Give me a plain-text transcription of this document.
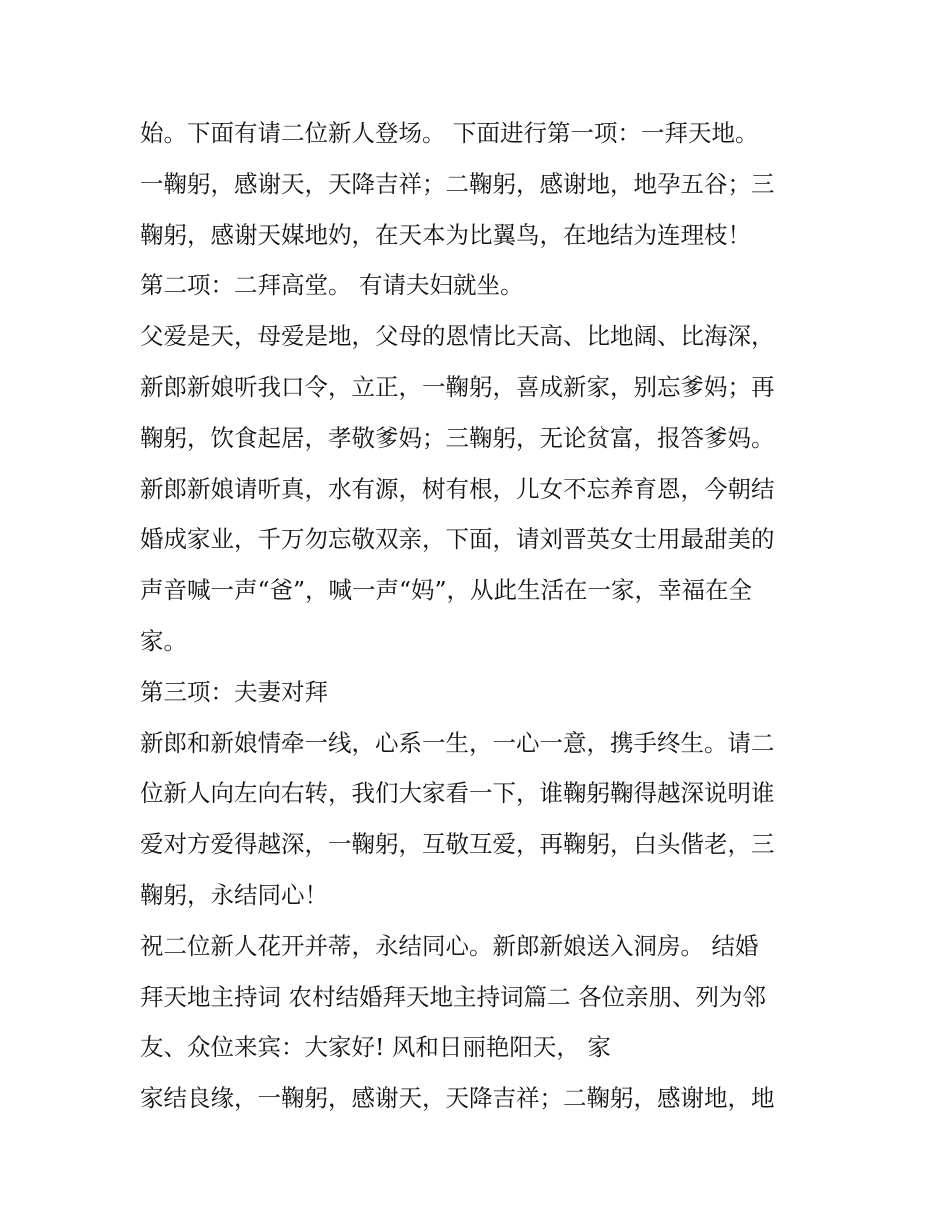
始。下面有请二位新人登场。 下面进行第一项：一拜天地。
一鞠躬，感谢天，天降吉祥；二鞠躬，感谢地，地孕五谷；三
鞠躬，感谢天媒地妁，在天本为比翼鸟，在地结为连理枝！
第二项：二拜高堂。 有请夫妇就坐。
父爱是天，母爱是地，父母的恩情比天高、比地阔、比海深，
新郎新娘听我口令，立正，一鞠躬，喜成新家，别忘爹妈；再
鞠躬，饮食起居，孝敬爹妈；三鞠躬，无论贫富，报答爹妈。
新郎新娘请听真，水有源，树有根，儿女不忘养育恩，今朝结
婚成家业，千万勿忘敬双亲，下面，请刘晋英女士用最甜美的
声音喊一声“爸”，喊一声“妈”，从此生活在一家，幸福在全
家。
第三项：夫妻对拜
新郎和新娘情牵一线，心系一生，一心一意，携手终生。请二
位新人向左向右转，我们大家看一下，谁鞠躬鞠得越深说明谁
爱对方爱得越深，一鞠躬，互敬互爱，再鞠躬，白头偕老，三
鞠躬，永结同心！
祝二位新人花开并蒂，永结同心。新郎新娘送入洞房。 结婚
拜天地主持词 农村结婚拜天地主持词篇二 各位亲朋、列为邻
友、众位来宾：大家好! 风和日丽艳阳天， 家
家结良缘，一鞠躬，感谢天，天降吉祥；二鞠躬，感谢地，地
